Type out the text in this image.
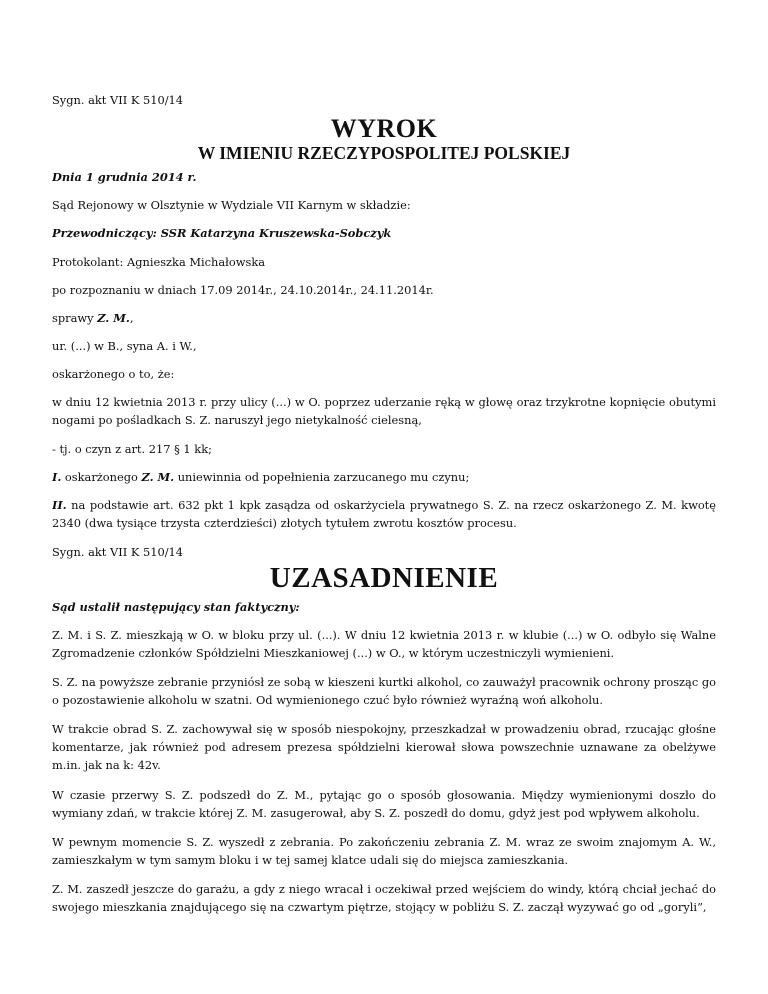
Sygn. akt VII K 510/14

WYROK
W IMIENIU RZECZYPOSPOLITEJ POLSKIEJ

Dnia 1 grudnia 2014 r.

Sąd Rejonowy w Olsztynie w Wydziale VII Karnym w składzie:

Przewodniczący: SSR Katarzyna Kruszewska-Sobczyk

Protokolant: Agnieszka Michałowska

po rozpoznaniu w dniach 17.09 2014r., 24.10.2014r., 24.11.2014r.

sprawy Z. M.,

ur. (...) w B., syna A. i W.,

oskarżonego o to, że:

w dniu 12 kwietnia 2013 r. przy ulicy (...) w O. poprzez uderzanie ręką w głowę oraz trzykrotne kopnięcie obutymi nogami po pośladkach S. Z. naruszył jego nietykalność cielesną,

- tj. o czyn z art. 217 § 1 kk;

I. oskarżonego Z. M. uniewinnia od popełnienia zarzucanego mu czynu;

II. na podstawie art. 632 pkt 1 kpk zasądza od oskarżyciela prywatnego S. Z. na rzecz oskarżonego Z. M. kwotę 2340 (dwa tysiące trzysta czterdzieści) złotych tytułem zwrotu kosztów procesu.

Sygn. akt VII K 510/14

UZASADNIENIE

Sąd ustalił następujący stan faktyczny:

Z. M. i S. Z. mieszkają w O. w bloku przy ul. (...). W dniu 12 kwietnia 2013 r. w klubie (...) w O. odbyło się Walne Zgromadzenie członków Spółdzielni Mieszkaniowej (...) w O., w którym uczestniczyli wymienieni.

S. Z. na powyższe zebranie przyniósł ze sobą w kieszeni kurtki alkohol, co zauważył pracownik ochrony prosząc go o pozostawienie alkoholu w szatni. Od wymienionego czuć było również wyraźną woń alkoholu.

W trakcie obrad S. Z. zachowywał się w sposób niespokojny, przeszkadzał w prowadzeniu obrad, rzucając głośne komentarze, jak również pod adresem prezesa spółdzielni kierował słowa powszechnie uznawane za obelżywe m.in. jak na k: 42v.

W czasie przerwy S. Z. podszedł do Z. M., pytając go o sposób głosowania. Między wymienionymi doszło do wymiany zdań, w trakcie której Z. M. zasugerował, aby S. Z. poszedł do domu, gdyż jest pod wpływem alkoholu.

W pewnym momencie S. Z. wyszedł z zebrania. Po zakończeniu zebrania Z. M. wraz ze swoim znajomym A. W., zamieszkałym w tym samym bloku i w tej samej klatce udali się do miejsca zamieszkania.

Z. M. zaszedł jeszcze do garażu, a gdy z niego wracał i oczekiwał przed wejściem do windy, którą chciał jechać do swojego mieszkania znajdującego się na czwartym piętrze, stojący w pobliżu S. Z. zaczął wyzywać go od „goryli”,
